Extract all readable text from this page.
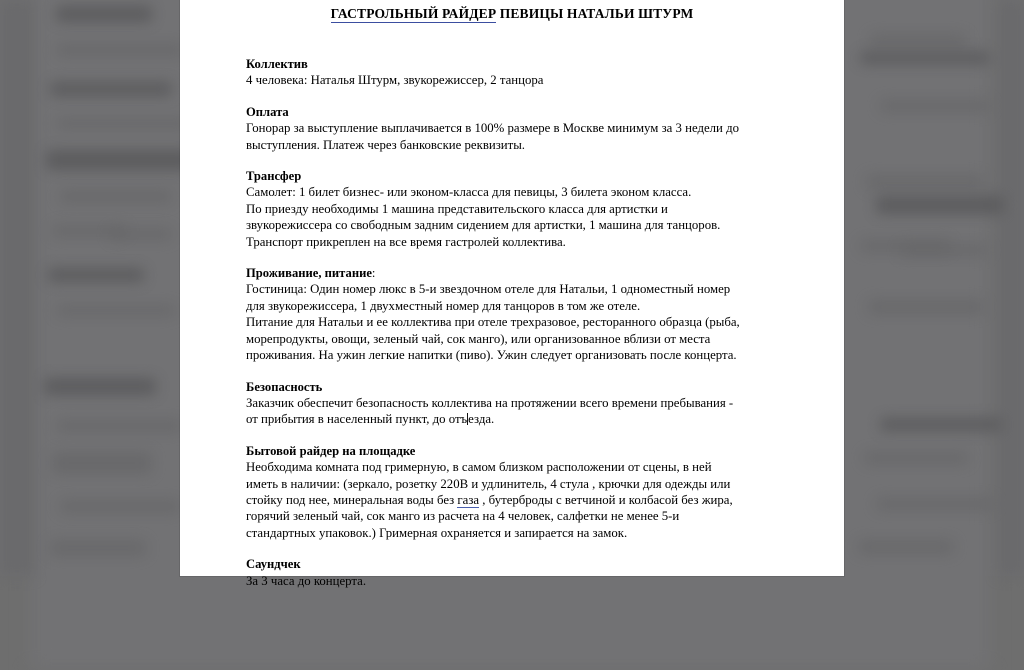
ГАСТРОЛЬНЫЙ РАЙДЕР ПЕВИЦЫ НАТАЛЬИ ШТУРМ
Коллектив

4 человека: Наталья Штурм, звукорежиссер, 2 танцора

Оплата

Гонорар за выступление выплачивается в 100% размере в Москве минимум за 3 недели до

выступления. Платеж через банковские реквизиты.

Трансфер

Самолет: 1 билет бизнес- или эконом-класса для певицы, 3 билета эконом класса.

По приезду необходимы 1 машина представительского класса для артистки и

звукорежиссера со свободным задним сидением для артистки, 1 машина для танцоров.

Транспорт прикреплен на все время гастролей коллектива.

Проживание, питание:

Гостиница: Один номер люкс в 5-и звездочном отеле для Натальи, 1 одноместный номер

для звукорежиссера, 1 двухместный номер для танцоров в том же отеле.

Питание для Натальи и ее коллектива при отеле трехразовое, ресторанного образца (рыба,

морепродукты, овощи, зеленый чай, сок манго), или организованное вблизи от места

проживания. На ужин легкие напитки (пиво). Ужин следует организовать после концерта.

Безопасность

Заказчик обеспечит безопасность коллектива на протяжении всего времени пребывания -

от прибытия в населенный пункт, до отъезда.

Бытовой райдер на площадке

Необходима комната под гримерную, в самом близком расположении от сцены, в ней

иметь в наличии: (зеркало, розетку 220В и удлинитель, 4 стула , крючки для одежды или

стойку под нее, минеральная воды без газа , бутерброды с ветчиной и колбасой без жира,

горячий зеленый чай, сок манго из расчета на 4 человек, салфетки не менее 5-и

стандартных упаковок.) Гримерная охраняется и запирается на замок.

Саундчек

За 3 часа до концерта.
